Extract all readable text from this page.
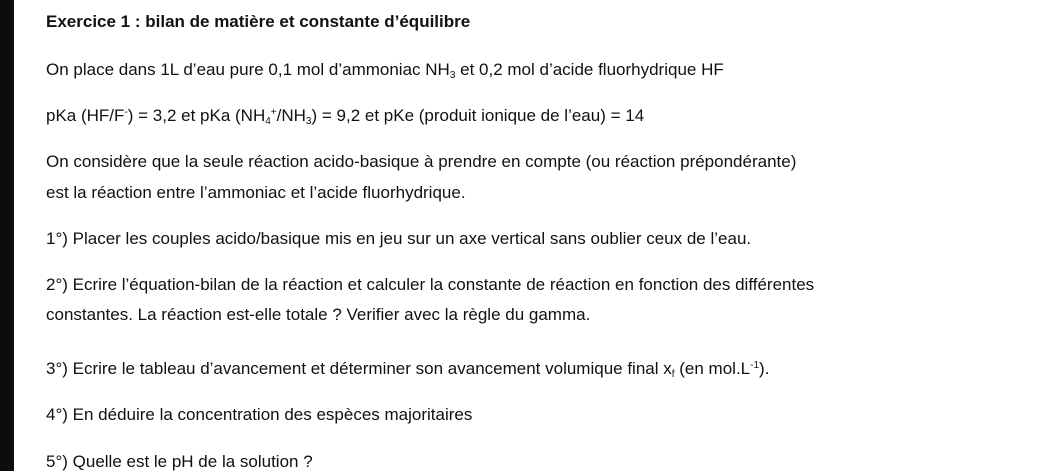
Exercice 1 : bilan de matière et constante d’équilibre
On place dans 1L d’eau pure 0,1 mol d’ammoniac $NH_3$ et 0,2 mol d’acide fluorhydrique HF
pKa (HF/F-) = 3,2 et pKa $(NH_4^+/NH_3) = 9,2$ et pKe (produit ionique de l’eau) = 14
On considère que la seule réaction acido-basique à prendre en compte (ou réaction prépondérante)
est la réaction entre l’ammoniac et l’acide fluorhydrique.
1°) Placer les couples acido/basique mis en jeu sur un axe vertical sans oublier ceux de l’eau.
2°) Ecrire l’équation-bilan de la réaction et calculer la constante de réaction en fonction des différentes
constantes. La réaction est-elle totale ? Verifier avec la règle du gamma.
3°) Ecrire le tableau d’avancement et déterminer son avancement volumique final $x_f$ (en $mol.L^{-1}$).
4°) En déduire la concentration des espèces majoritaires
5°) Quelle est le pH de la solution ?
